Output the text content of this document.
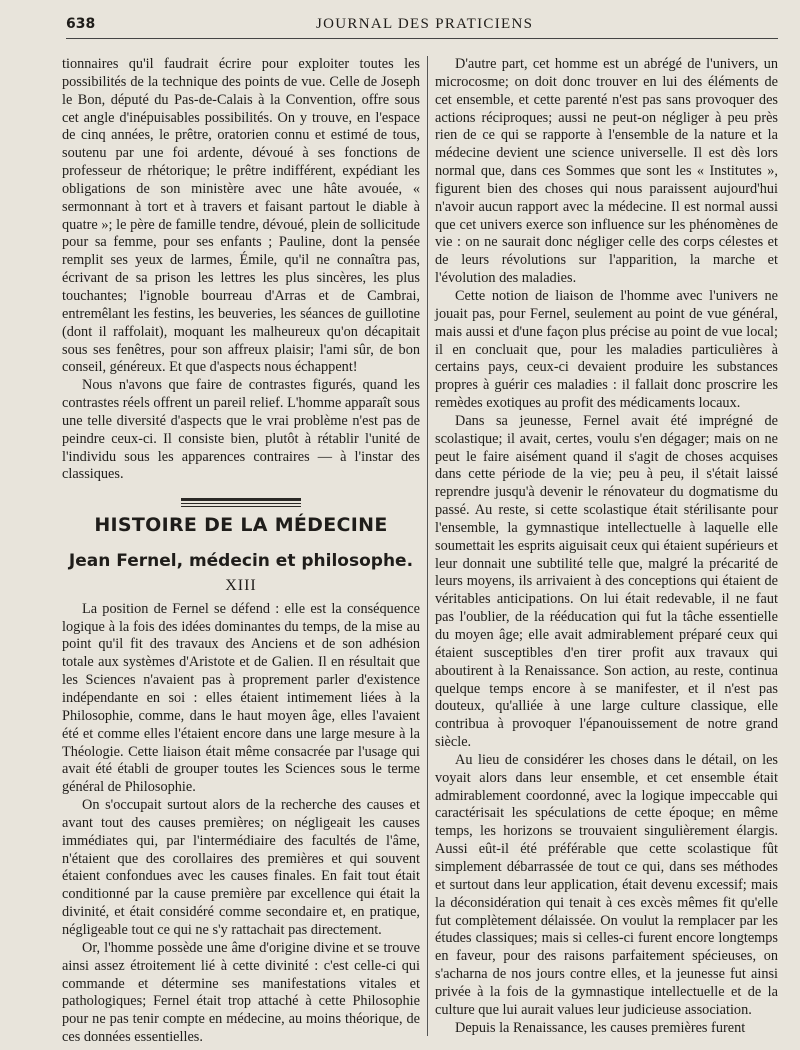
638	JOURNAL DES PRATICIENS

tionnaires qu'il faudrait écrire pour exploiter toutes les possibilités de la technique des points de vue. Celle de Joseph le Bon, député du Pas-de-Calais à la Convention, offre sous cet angle d'inépuisables possibilités. On y trouve, en l'espace de cinq années, le prêtre, oratorien connu et estimé de tous, soutenu par une foi ardente, dévoué à ses fonctions de professeur de rhétorique; le prêtre indifférent, expédiant les obligations de son ministère avec une hâte avouée, « sermonnant à tort et à travers et faisant partout le diable à quatre »; le père de famille tendre, dévoué, plein de sollicitude pour sa femme, pour ses enfants ; Pauline, dont la pensée remplit ses yeux de larmes, Émile, qu'il ne connaîtra pas, écrivant de sa prison les lettres les plus sincères, les plus touchantes; l'ignoble bourreau d'Arras et de Cambrai, entremêlant les festins, les beuveries, les séances de guillotine (dont il raffolait), moquant les malheureux qu'on décapitait sous ses fenêtres, pour son affreux plaisir; l'ami sûr, de bon conseil, généreux. Et que d'aspects nous échappent!

Nous n'avons que faire de contrastes figurés, quand les contrastes réels offrent un pareil relief. L'homme apparaît sous une telle diversité d'aspects que le vrai problème n'est pas de peindre ceux-ci. Il consiste bien, plutôt à rétablir l'unité de l'individu sous les apparences contraires — à l'instar des classiques.

HISTOIRE DE LA MÉDECINE
Jean Fernel, médecin et philosophe.
XIII

La position de Fernel se défend : elle est la conséquence logique à la fois des idées dominantes du temps, de la mise au point qu'il fit des travaux des Anciens et de son adhésion totale aux systèmes d'Aristote et de Galien. Il en résultait que les Sciences n'avaient pas à proprement parler d'existence indépendante en soi : elles étaient intimement liées à la Philosophie, comme, dans le haut moyen âge, elles l'avaient été et comme elles l'étaient encore dans une large mesure à la Théologie. Cette liaison était même consacrée par l'usage qui avait été établi de grouper toutes les Sciences sous le terme général de Philosophie.

On s'occupait surtout alors de la recherche des causes et avant tout des causes premières; on négligeait les causes immédiates qui, par l'intermédiaire des facultés de l'âme, n'étaient que des corollaires des premières et qui souvent étaient confondues avec les causes finales. En fait tout était conditionné par la cause première par excellence qui était la divinité, et était considéré comme secondaire et, en pratique, négligeable tout ce qui ne s'y rattachait pas directement.

Or, l'homme possède une âme d'origine divine et se trouve ainsi assez étroitement lié à cette divinité : c'est celle-ci qui commande et détermine ses manifestations vitales et pathologiques; Fernel était trop attaché à cette Philosophie pour ne pas tenir compte en médecine, au moins théorique, de ces données essentielles.

D'autre part, cet homme est un abrégé de l'univers, un microcosme; on doit donc trouver en lui des éléments de cet ensemble, et cette parenté n'est pas sans provoquer des actions réciproques; aussi ne peut-on négliger à peu près rien de ce qui se rapporte à l'ensemble de la nature et la médecine devient une science universelle. Il est dès lors normal que, dans ces Sommes que sont les « Institutes », figurent bien des choses qui nous paraissent aujourd'hui n'avoir aucun rapport avec la médecine. Il est normal aussi que cet univers exerce son influence sur les phénomènes de vie : on ne saurait donc négliger celle des corps célestes et de leurs révolutions sur l'apparition, la marche et l'évolution des maladies.

Cette notion de liaison de l'homme avec l'univers ne jouait pas, pour Fernel, seulement au point de vue général, mais aussi et d'une façon plus précise au point de vue local; il en concluait que, pour les maladies particulières à certains pays, ceux-ci devaient produire les substances propres à guérir ces maladies : il fallait donc proscrire les remèdes exotiques au profit des médicaments locaux.

Dans sa jeunesse, Fernel avait été imprégné de scolastique; il avait, certes, voulu s'en dégager; mais on ne peut le faire aisément quand il s'agit de choses acquises dans cette période de la vie; peu à peu, il s'était laissé reprendre jusqu'à devenir le rénovateur du dogmatisme du passé. Au reste, si cette scolastique était stérilisante pour l'ensemble, la gymnastique intellectuelle à laquelle elle soumettait les esprits aiguisait ceux qui étaient supérieurs et leur donnait une subtilité telle que, malgré la précarité de leurs moyens, ils arrivaient à des conceptions qui étaient de véritables anticipations. On lui était redevable, il ne faut pas l'oublier, de la rééducation qui fut la tâche essentielle du moyen âge; elle avait admirablement préparé ceux qui étaient susceptibles d'en tirer profit aux travaux qui aboutirent à la Renaissance. Son action, au reste, continua quelque temps encore à se manifester, et il n'est pas douteux, qu'alliée à une large culture classique, elle contribua à provoquer l'épanouissement de notre grand siècle.

Au lieu de considérer les choses dans le détail, on les voyait alors dans leur ensemble, et cet ensemble était admirablement coordonné, avec la logique impeccable qui caractérisait les spéculations de cette époque; en même temps, les horizons se trouvaient singulièrement élargis. Aussi eût-il été préférable que cette scolastique fût simplement débarrassée de tout ce qui, dans ses méthodes et surtout dans leur application, était devenu excessif; mais la déconsidération qui tenait à ces excès mêmes fit qu'elle fut complètement délaissée. On voulut la remplacer par les études classiques; mais si celles-ci furent encore longtemps en faveur, pour des raisons parfaitement spécieuses, on s'acharna de nos jours contre elles, et la jeunesse fut ainsi privée à la fois de la gymnastique intellectuelle et de la culture que lui aurait values leur judicieuse association.

Depuis la Renaissance, les causes premières furent
